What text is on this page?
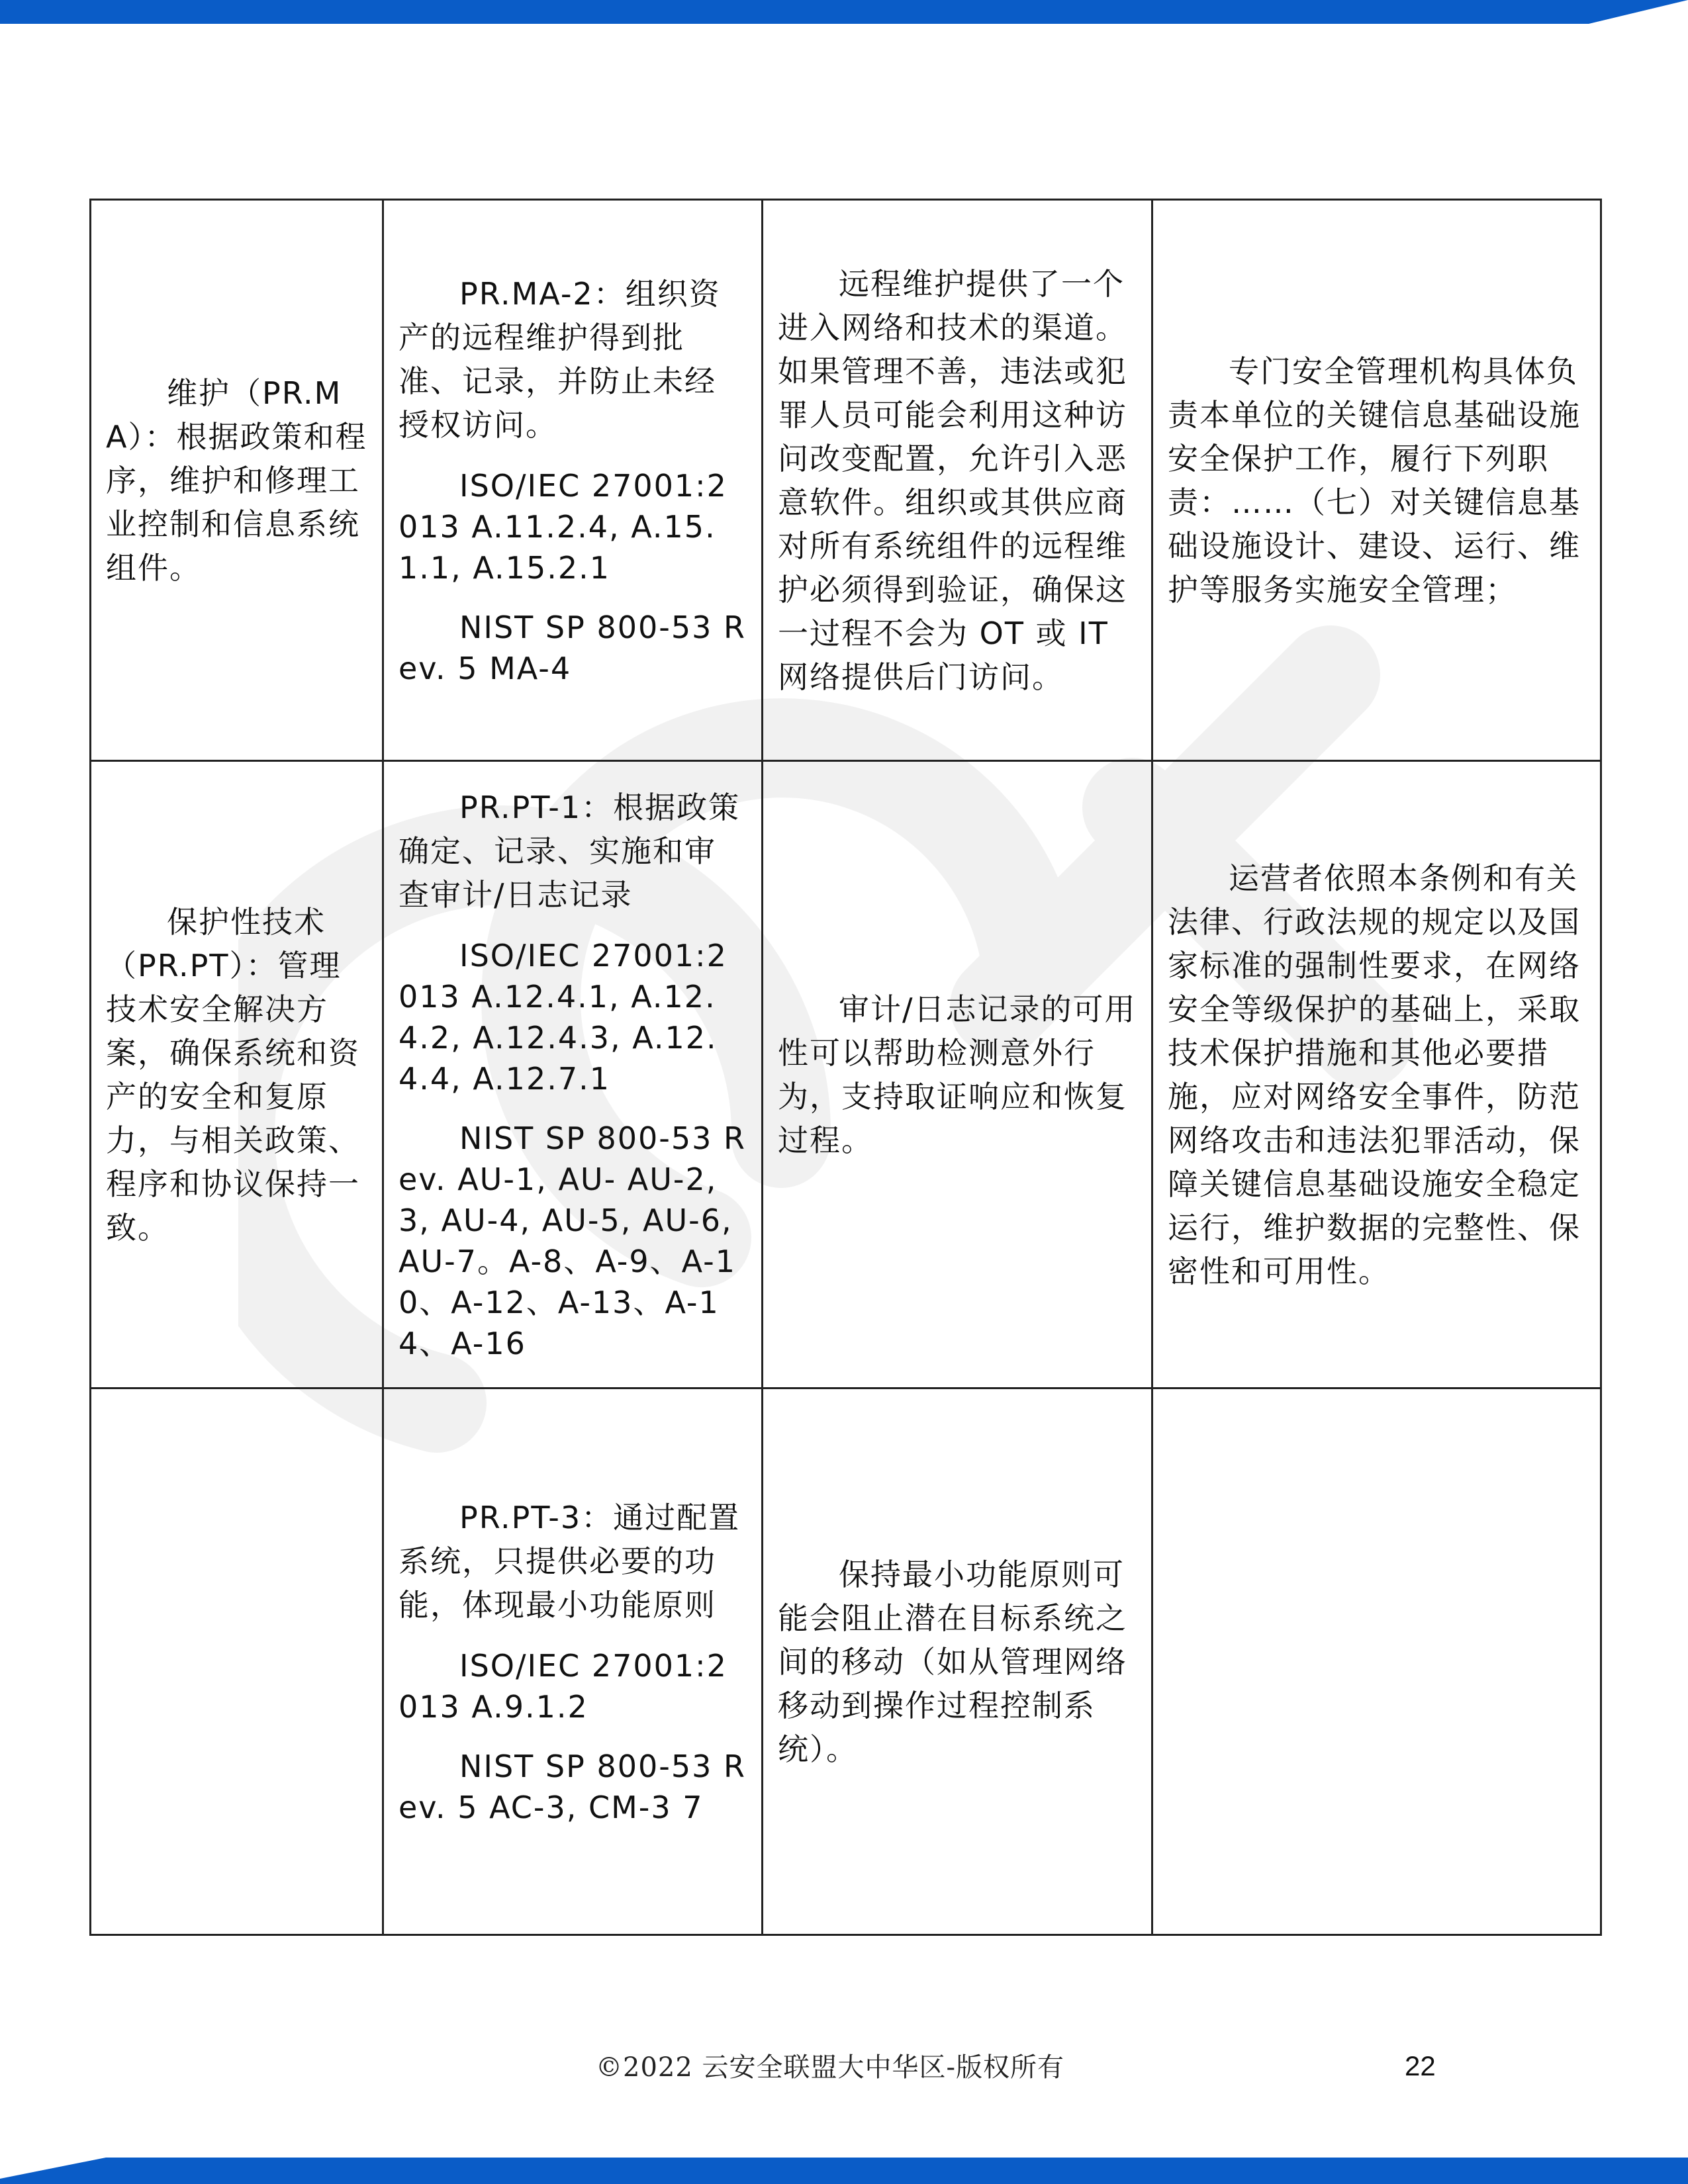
维护（PR.MA）：根据政策和程序，维护和修理工业控制和信息系统组件。	PR.MA-2：组织资产的远程维护得到批准、记录，并防止未经授权访问。

ISO/IEC 27001:2013 A.11.2.4, A.15.1.1, A.15.2.1

NIST SP 800-53 Rev. 5 MA-4	远程维护提供了一个进入网络和技术的渠道。如果管理不善，违法或犯罪人员可能会利用这种访问改变配置，允许引入恶意软件。组织或其供应商对所有系统组件的远程维护必须得到验证，确保这一过程不会为 OT 或 IT 网络提供后门访问。	专门安全管理机构具体负责本单位的关键信息基础设施安全保护工作，履行下列职责：……（七）对关键信息基础设施设计、建设、运行、维护等服务实施安全管理；

保护性技术（PR.PT）：管理技术安全解决方案，确保系统和资产的安全和复原力，与相关政策、程序和协议保持一致。	PR.PT-1：根据政策确定、记录、实施和审查审计/日志记录

ISO/IEC 27001:2013 A.12.4.1, A.12.4.2, A.12.4.3, A.12.4.4, A.12.7.1

NIST SP 800-53 Rev. AU-1, AU- AU-2,3, AU-4, AU-5, AU-6, AU-7。A-8、A-9、A-10、A-12、A-13、A-14、A-16	审计/日志记录的可用性可以帮助检测意外行为，支持取证响应和恢复过程。	运营者依照本条例和有关法律、行政法规的规定以及国家标准的强制性要求，在网络安全等级保护的基础上，采取技术保护措施和其他必要措施，应对网络安全事件，防范网络攻击和违法犯罪活动，保障关键信息基础设施安全稳定运行，维护数据的完整性、保密性和可用性。

	PR.PT-3：通过配置系统，只提供必要的功能，体现最小功能原则

ISO/IEC 27001:2013 A.9.1.2

NIST SP 800-53 Rev. 5 AC-3, CM-3 7	保持最小功能原则可能会阻止潜在目标系统之间的移动（如从管理网络移动到操作过程控制系统）。	

©2022 云安全联盟大中华区-版权所有	22
